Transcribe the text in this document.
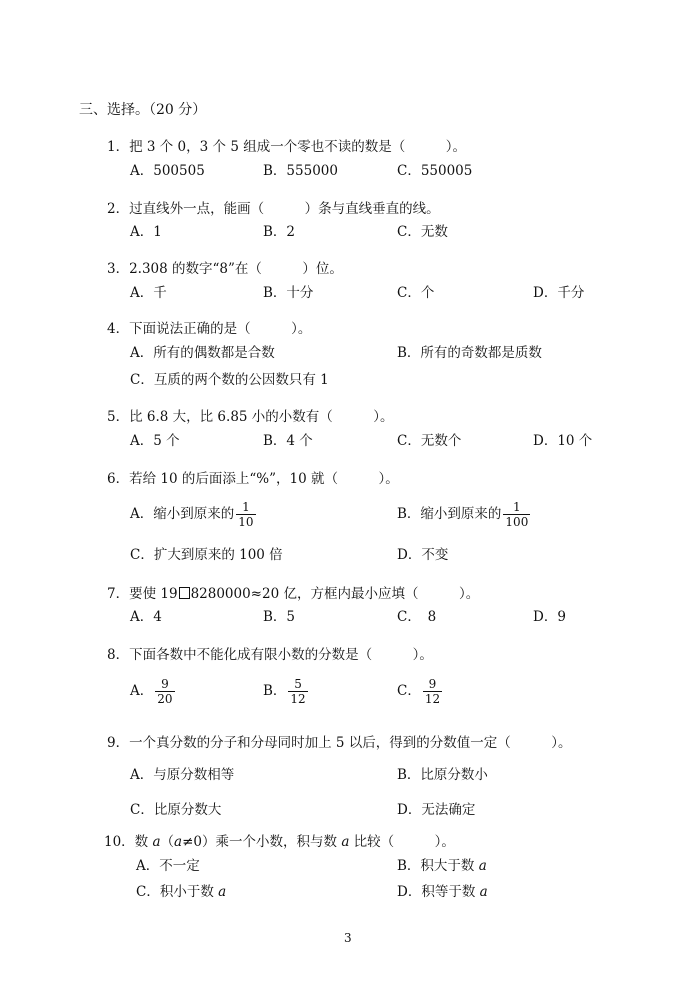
三、选择。（20 分）
1．把 3 个 0，3 个 5 组成一个零也不读的数是（　　　）。
A．500505	B．555000	C．550005
2．过直线外一点，能画（　　　）条与直线垂直的线。
A．1	B．2	C．无数
3．2.308 的数字“8”在（　　　）位。
A．千	B．十分	C．个	D．千分
4．下面说法正确的是（　　　）。
A．所有的偶数都是合数	B．所有的奇数都是质数
C．互质的两个数的公因数只有 1
5．比 6.8 大，比 6.85 小的小数有（　　　）。
A．5 个	B．4 个	C．无数个	D．10 个
6．若给 10 的后面添上“%”，10 就（　　　）。
A．缩小到原来的 $\frac{1}{10}$	B．缩小到原来的 $\frac{1}{100}$
C．扩大到原来的 100 倍	D．不变
7．要使 19 8280000≈20 亿，方框内最小应填（　　　）。
A．4	B．5	C．　8	D．9
8．下面各数中不能化成有限小数的分数是（　　　）。
A． $\frac{9}{20}$	B． $\frac{5}{12}$	C． $\frac{9}{12}$
9．一个真分数的分子和分母同时加上 5 以后，得到的分数值一定（　　　）。
A．与原分数相等	B．比原分数小
C．比原分数大	D．无法确定
10．数 a（a≠0）乘一个小数，积与数 a 比较（　　　）。
A．不一定	B．积大于数 a
C．积小于数 a	D．积等于数 a
3
